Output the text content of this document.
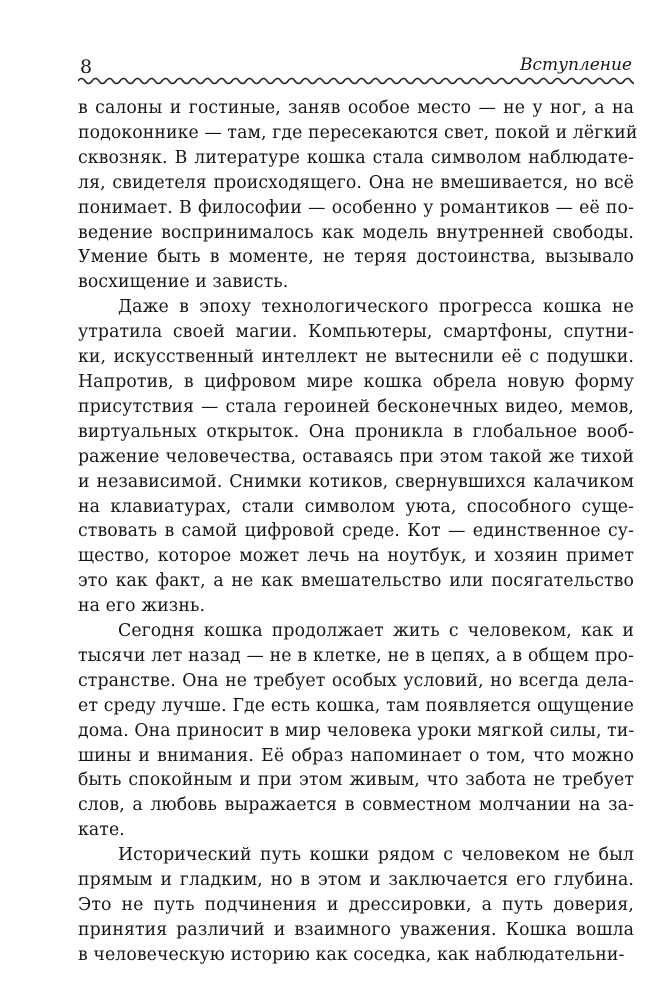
8	Вступление
в салоны и гостиные, заняв особое место — не у ног, а на
подоконнике — там, где пересекаются свет, покой и лёгкий
сквозняк. В литературе кошка стала символом наблюдате-
ля, свидетеля происходящего. Она не вмешивается, но всё
понимает. В философии — особенно у романтиков — её по-
ведение воспринималось как модель внутренней свободы.
Умение быть в моменте, не теряя достоинства, вызывало
восхищение и зависть.
Даже в эпоху технологического прогресса кошка не
утратила своей магии. Компьютеры, смартфоны, спутни-
ки, искусственный интеллект не вытеснили её с подушки.
Напротив, в цифровом мире кошка обрела новую форму
присутствия — стала героиней бесконечных видео, мемов,
виртуальных открыток. Она проникла в глобальное вооб-
ражение человечества, оставаясь при этом такой же тихой
и независимой. Снимки котиков, свернувшихся калачиком
на клавиатурах, стали символом уюта, способного суще-
ствовать в самой цифровой среде. Кот — единственное су-
щество, которое может лечь на ноутбук, и хозяин примет
это как факт, а не как вмешательство или посягательство
на его жизнь.
Сегодня кошка продолжает жить с человеком, как и
тысячи лет назад — не в клетке, не в цепях, а в общем про-
странстве. Она не требует особых условий, но всегда дела-
ет среду лучше. Где есть кошка, там появляется ощущение
дома. Она приносит в мир человека уроки мягкой силы, ти-
шины и внимания. Её образ напоминает о том, что можно
быть спокойным и при этом живым, что забота не требует
слов, а любовь выражается в совместном молчании на за-
кате.
Исторический путь кошки рядом с человеком не был
прямым и гладким, но в этом и заключается его глубина.
Это не путь подчинения и дрессировки, а путь доверия,
принятия различий и взаимного уважения. Кошка вошла
в человеческую историю как соседка, как наблюдательни-
